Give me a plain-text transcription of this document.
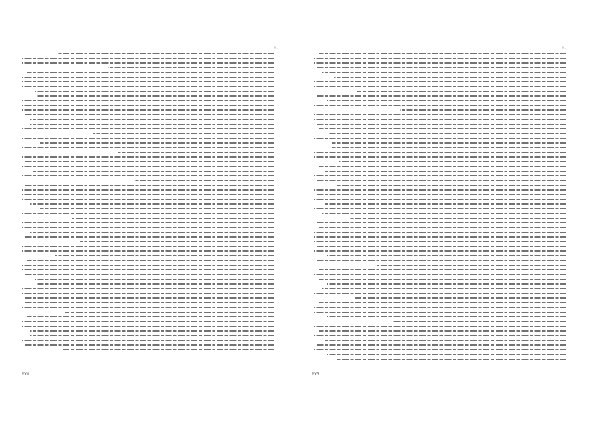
۲۰
۲۷۸
۲۰
۲۷۹
